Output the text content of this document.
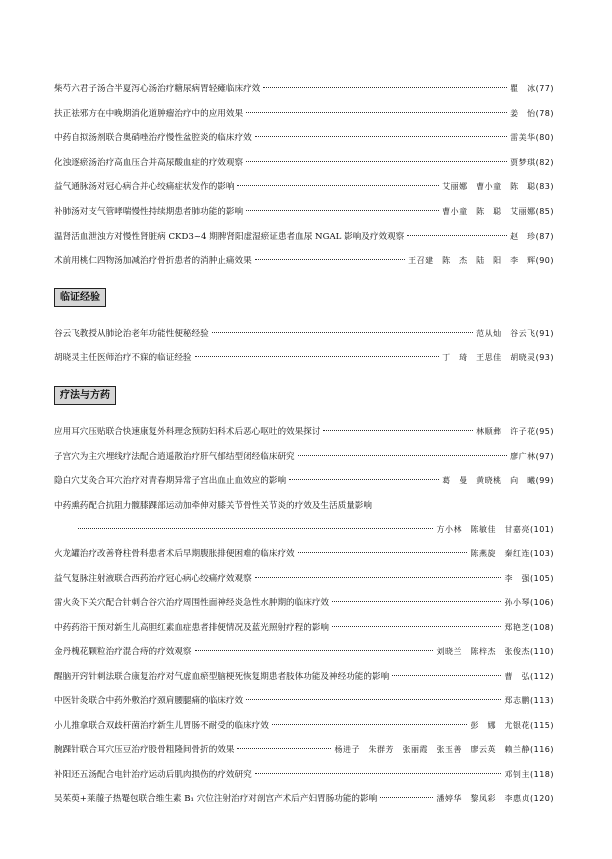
柴芍六君子汤合半夏泻心汤治疗糖尿病胃轻瘫临床疗效	瞿　冰 (77)
扶正祛邪方在中晚期消化道肿瘤治疗中的应用效果	姜　怡 (78)
中药自拟汤剂联合奥硝唑治疗慢性盆腔炎的临床疗效	雷美华 (80)
化浊逐瘀汤治疗高血压合并高尿酸血症的疗效观察	贾梦琪 (82)
益气通脉汤对冠心病合并心绞痛症状发作的影响	艾丽娜　曹小童　陈　聪 (83)
补肺汤对支气管哮喘慢性持续期患者肺功能的影响	曹小童　陈　聪　艾丽娜 (85)
温肾活血泄浊方对慢性肾脏病 CKD3~4 期脾肾阳虚湿瘀证患者血尿 NGAL 影响及疗效观察	赵　珍 (87)
术前用桃仁四物汤加减治疗骨折患者的消肿止痛效果	王召建　陈　杰　陆　阳　李　辉 (90)
临证经验
谷云飞教授从肺论治老年功能性便秘经验	范从灿　谷云飞 (91)
胡晓灵主任医师治疗不寐的临证经验	丁　琦　王思佳　胡晓灵 (93)
疗法与方药
应用耳穴压贴联合快速康复外科理念预防妇科术后恶心呕吐的效果探讨	林顺彝　许子花 (95)
子宫穴为主穴埋线疗法配合逍遥散治疗肝气郁结型闭经临床研究	廖广林 (97)
隐白穴艾灸合耳穴治疗对青春期异常子宫出血止血效应的影响	葛　曼　黄晓桃　向　曦 (99)
中药熏药配合抗阻力髋膝踝部运动加牵伸对膝关节骨性关节炎的疗效及生活质量影响
方小林　陈敏佳　甘嘉亮 (101)
火龙罐治疗改善脊柱骨科患者术后早期腹胀排便困难的临床疗效	陈燕旋　秦红连 (103)
益气复脉注射液联合西药治疗冠心病心绞痛疗效观察	李　强 (105)
雷火灸下关穴配合针刺合谷穴治疗周围性面神经炎急性水肿期的临床疗效	孙小琴 (106)
中药药浴干预对新生儿高胆红素血症患者排便情况及蓝光照射疗程的影响	郑艳芝 (108)
金丹槐花颗粒治疗混合痔的疗效观察	刘晓兰　陈梓杰　张俊杰 (110)
醒脑开窍针刺法联合康复治疗对气虚血瘀型脑梗死恢复期患者肢体功能及神经功能的影响	曹　弘 (112)
中医针灸联合中药外敷治疗颈肩腰腿痛的临床疗效	郑志鹏 (113)
小儿推拿联合双歧杆菌治疗新生儿胃肠不耐受的临床疗效	彭　娜　尤银花 (115)
腕踝针联合耳穴压豆治疗股骨粗隆间骨折的效果	杨进子　朱群芳　张丽霞　张玉善　廖云英　赖兰静 (116)
补阳还五汤配合电针治疗运动后肌肉损伤的疗效研究	邓钊主 (118)
吴茱萸+莱菔子热罨包联合维生素 B₁ 穴位注射治疗对剖宫产术后产妇胃肠功能的影响	潘婷华　黎凤彩　李惠贞 (120)
